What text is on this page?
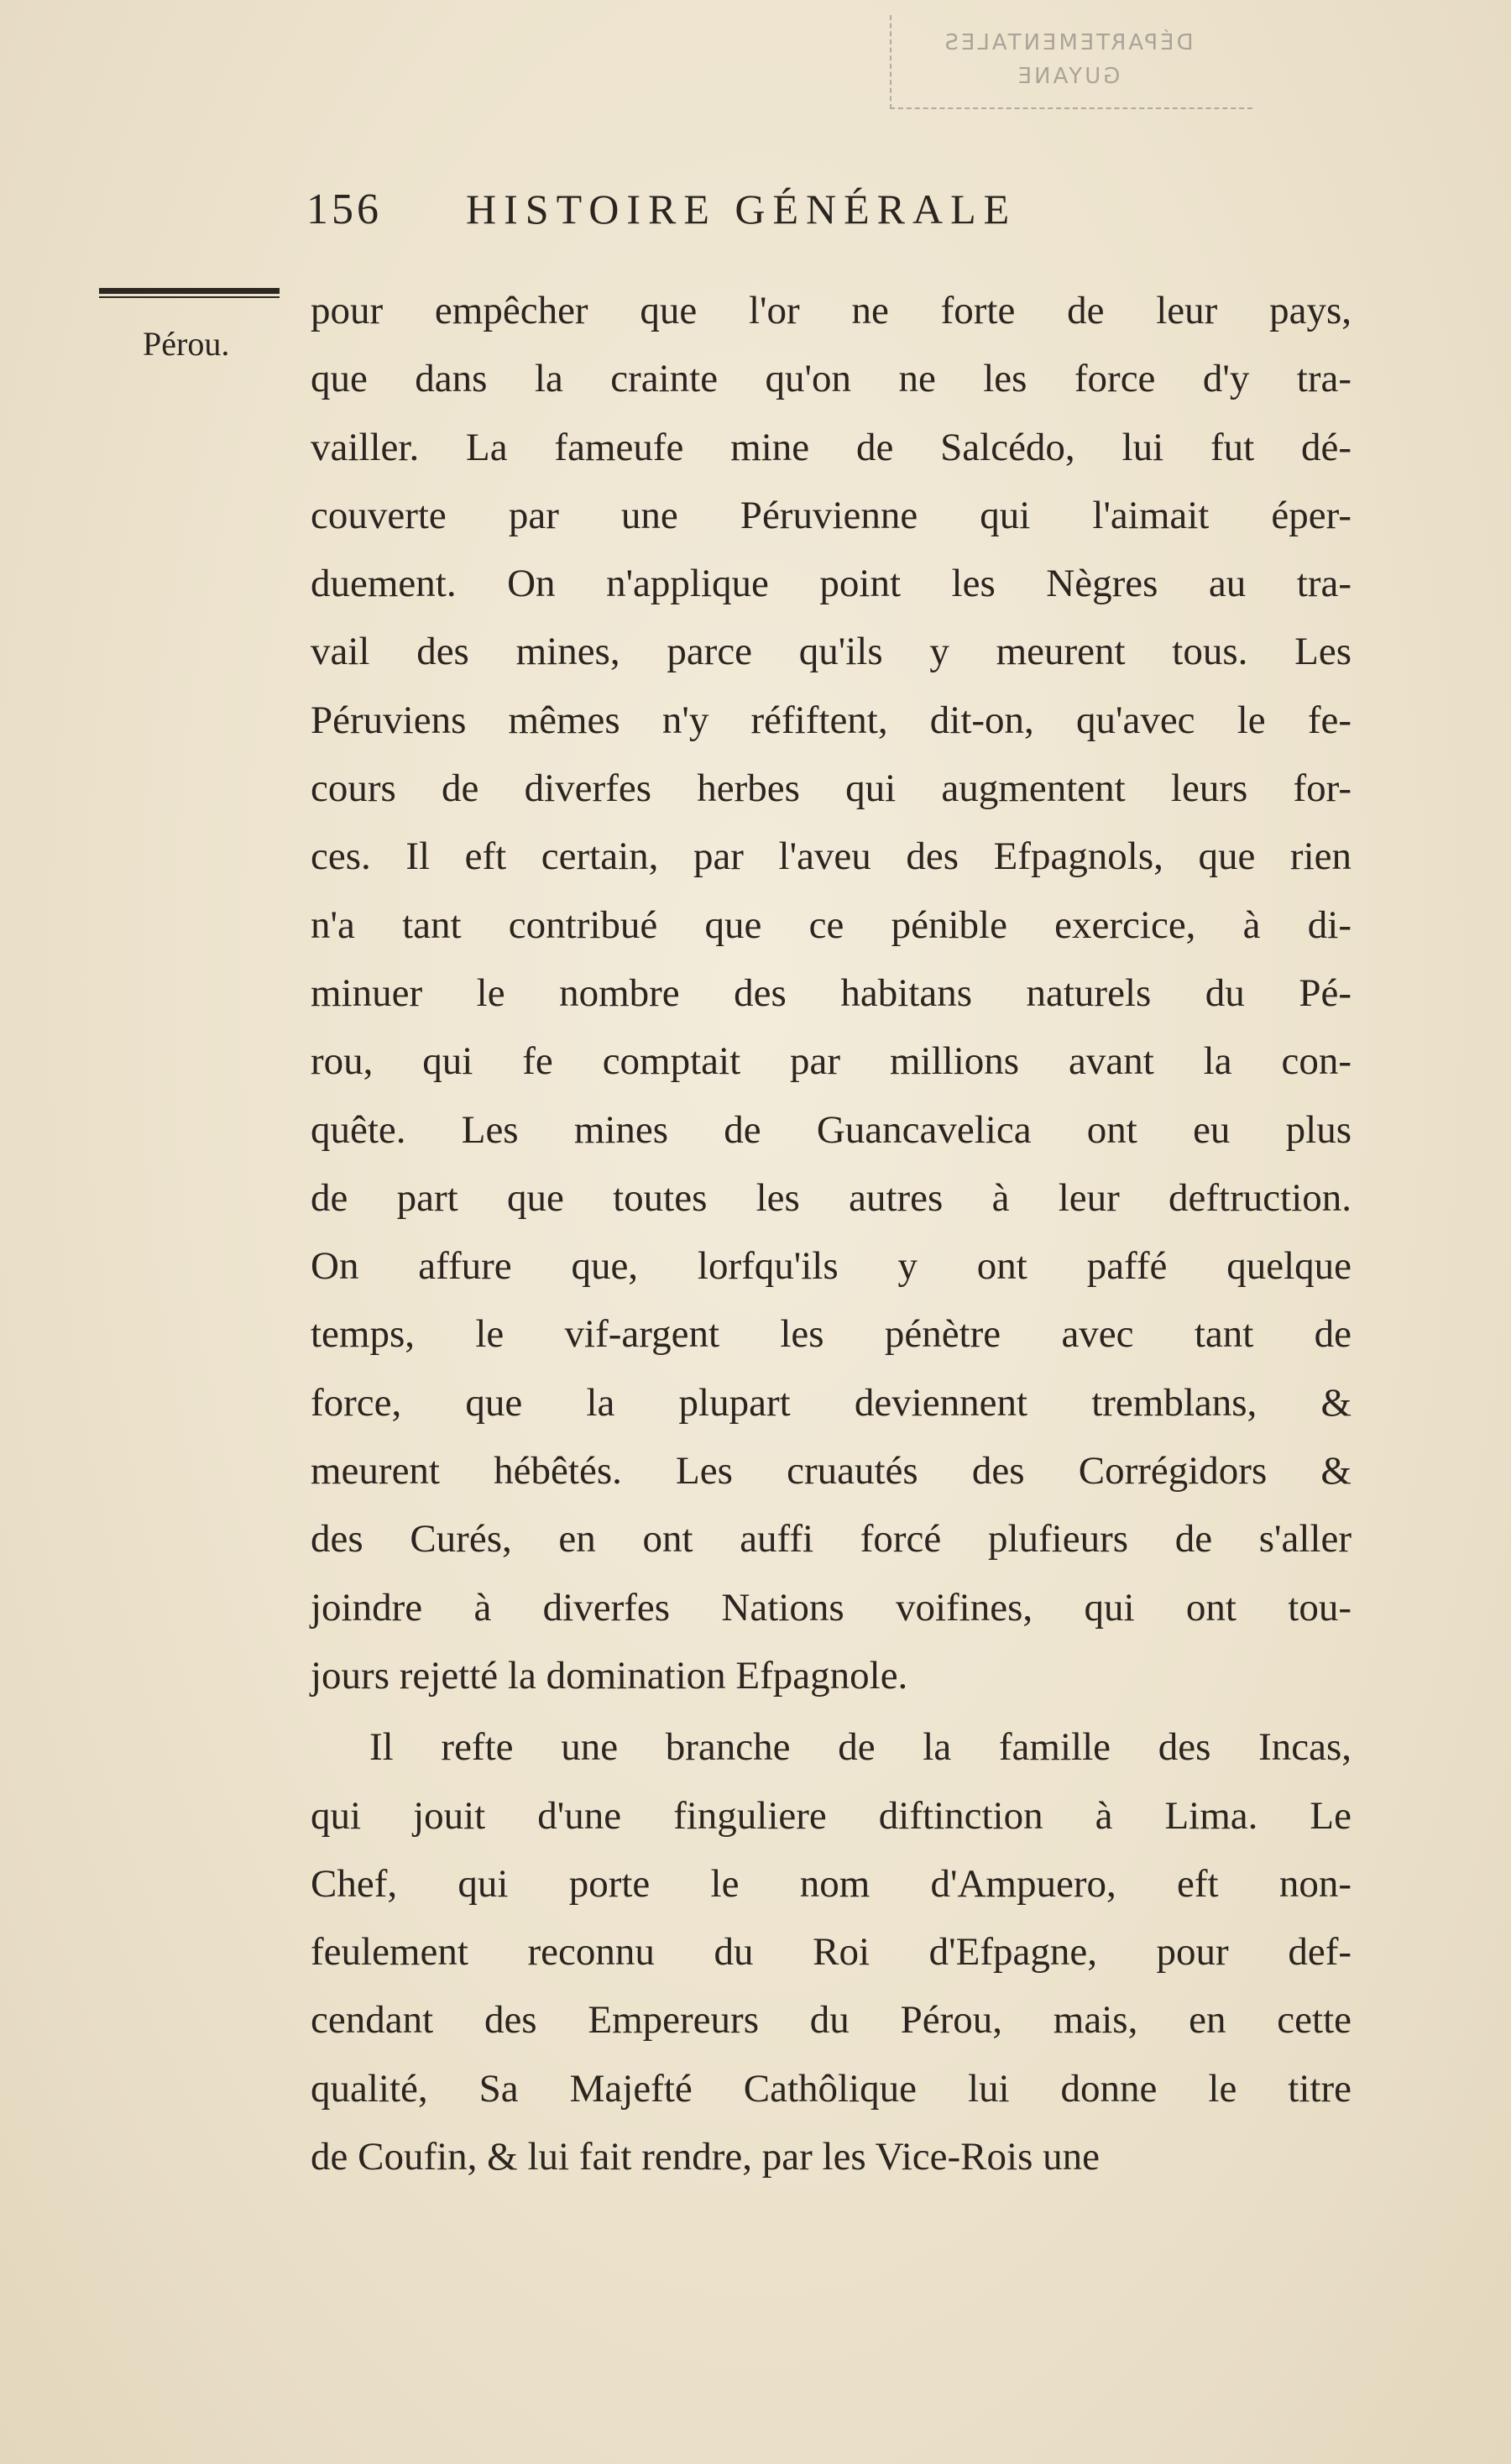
DÉPARTEMENTALES
GUYANE
156 HISTOIRE GÉNÉRALE
Pérou.
pour empêcher que l'or ne forte de leur pays,
que dans la crainte qu'on ne les force d'y tra-
vailler. La fameufe mine de Salcédo, lui fut dé-
couverte par une Péruvienne qui l'aimait éper-
duement. On n'applique point les Nègres au tra-
vail des mines, parce qu'ils y meurent tous. Les
Péruviens mêmes n'y réfiftent, dit-on, qu'avec le fe-
cours de diverfes herbes qui augmentent leurs for-
ces. Il eft certain, par l'aveu des Efpagnols, que rien
n'a tant contribué que ce pénible exercice, à di-
minuer le nombre des habitans naturels du Pé-
rou, qui fe comptait par millions avant la con-
quête. Les mines de Guancavelica ont eu plus
de part que toutes les autres à leur deftruction.
On affure que, lorfqu'ils y ont paffé quelque
temps, le vif-argent les pénètre avec tant de
force, que la plupart deviennent tremblans, &
meurent hébêtés. Les cruautés des Corrégidors &
des Curés, en ont auffi forcé plufieurs de s'aller
joindre à diverfes Nations voifines, qui ont tou-
jours rejetté la domination Efpagnole.
Il refte une branche de la famille des Incas,
qui jouit d'une finguliere diftinction à Lima. Le
Chef, qui porte le nom d'Ampuero, eft non-
feulement reconnu du Roi d'Efpagne, pour def-
cendant des Empereurs du Pérou, mais, en cette
qualité, Sa Majefté Cathôlique lui donne le titre
de Coufin, & lui fait rendre, par les Vice-Rois une
